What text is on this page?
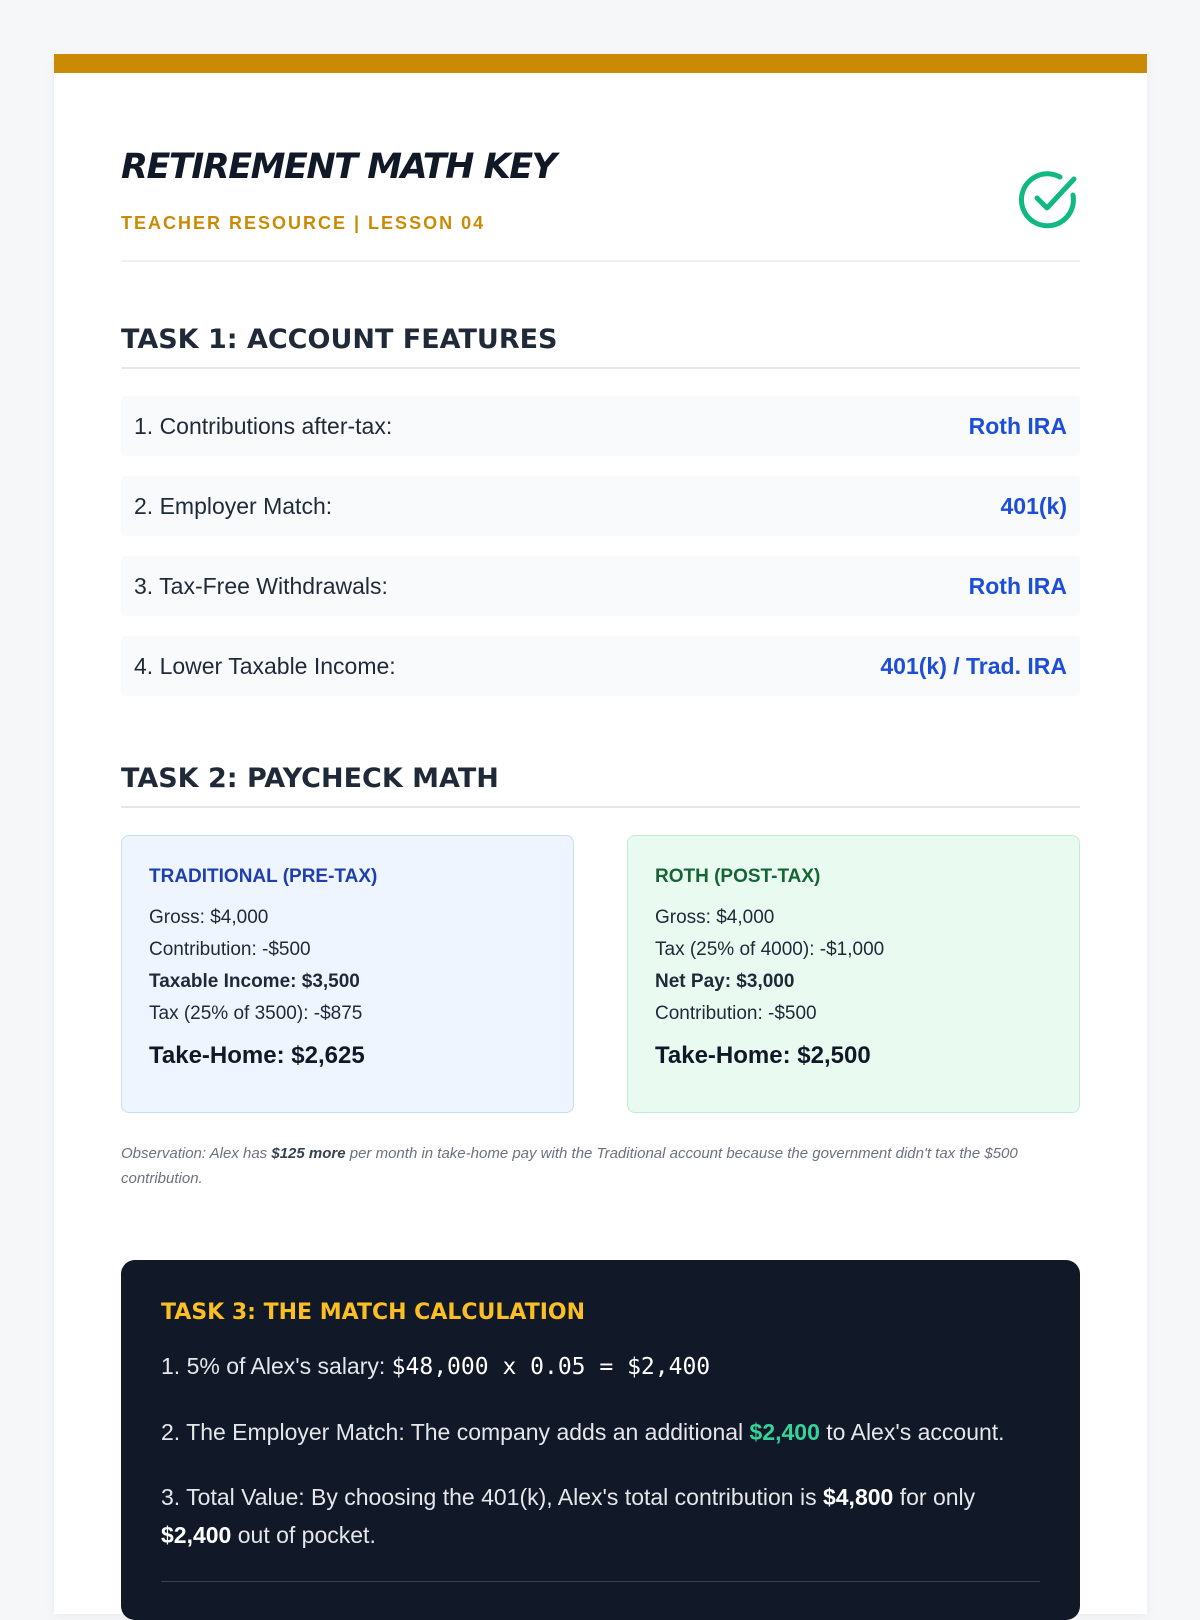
RETIREMENT MATH KEY
TEACHER RESOURCE | LESSON 04
TASK 1: ACCOUNT FEATURES
1. Contributions after-tax:	Roth IRA
2. Employer Match:	401(k)
3. Tax-Free Withdrawals:	Roth IRA
4. Lower Taxable Income:	401(k) / Trad. IRA
TASK 2: PAYCHECK MATH
TRADITIONAL (PRE-TAX)
Gross: $4,000
Contribution: -$500
Taxable Income: $3,500
Tax (25% of 3500): -$875
Take-Home: $2,625
ROTH (POST-TAX)
Gross: $4,000
Tax (25% of 4000): -$1,000
Net Pay: $3,000
Contribution: -$500
Take-Home: $2,500

Observation: Alex has $125 more per month in take-home pay with the Traditional account because the government didn't tax the $500 contribution.

TASK 3: THE MATCH CALCULATION
1. 5% of Alex's salary: $48,000 x 0.05 = $2,400
2. The Employer Match: The company adds an additional $2,400 to Alex's account.
3. Total Value: By choosing the 401(k), Alex's total contribution is $4,800 for only $2,400 out of pocket.
